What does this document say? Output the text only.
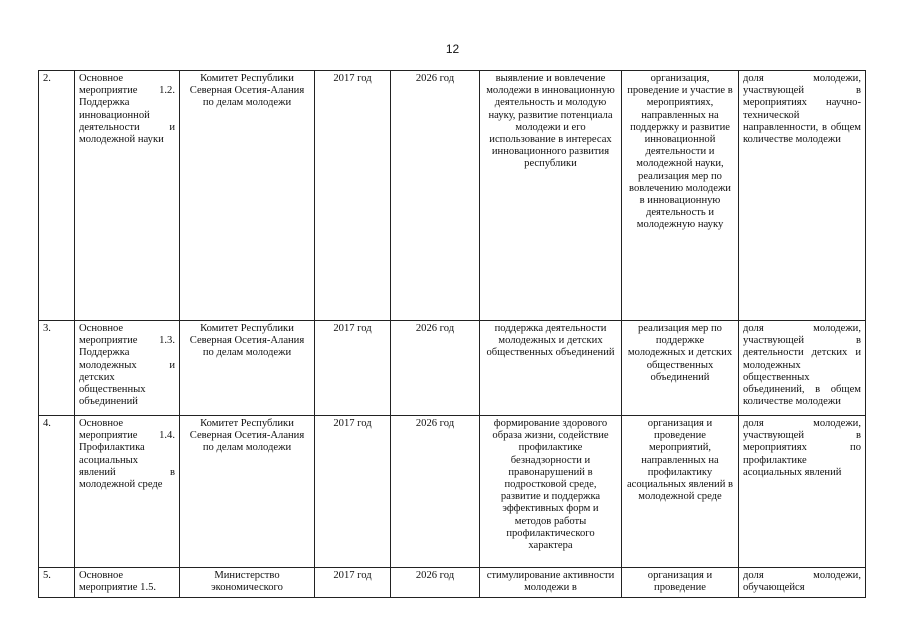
12
2.	Основное мероприятие 1.2. Поддержка инновационной деятельности и молодежной науки	Комитет Республики Северная Осетия-Алания по делам молодежи	2017 год	2026 год	выявление и вовлечение молодежи в инновационную деятельность и молодую науку, развитие потенциала молодежи и его использование в интересах инновационного развития республики	организация, проведение и участие в мероприятиях, направленных на поддержку и развитие инновационной деятельности и молодежной науки, реализация мер по вовлечению молодежи в инновационную деятельность и молодежную науку	доля молодежи, участвующей в мероприятиях научно-технической направленности, в общем количестве молодежи
3.	Основное мероприятие 1.3. Поддержка молодежных и детских общественных объединений	Комитет Республики Северная Осетия-Алания по делам молодежи	2017 год	2026 год	поддержка деятельности молодежных и детских общественных объединений	реализация мер по поддержке молодежных и детских общественных объединений	доля молодежи, участвующей в деятельности детских и молодежных общественных объединений, в общем количестве молодежи
4.	Основное мероприятие 1.4. Профилактика асоциальных явлений в молодежной среде	Комитет Республики Северная Осетия-Алания по делам молодежи	2017 год	2026 год	формирование здорового образа жизни, содействие профилактике безнадзорности и правонарушений в подростковой среде, развитие и поддержка эффективных форм и методов работы профилактического характера	организация и проведение мероприятий, направленных на профилактику асоциальных явлений в молодежной среде	доля молодежи, участвующей в мероприятиях по профилактике асоциальных явлений
5.	Основное мероприятие 1.5.	Министерство экономического	2017 год	2026 год	стимулирование активности молодежи в	организация и проведение	доля молодежи, обучающейся
